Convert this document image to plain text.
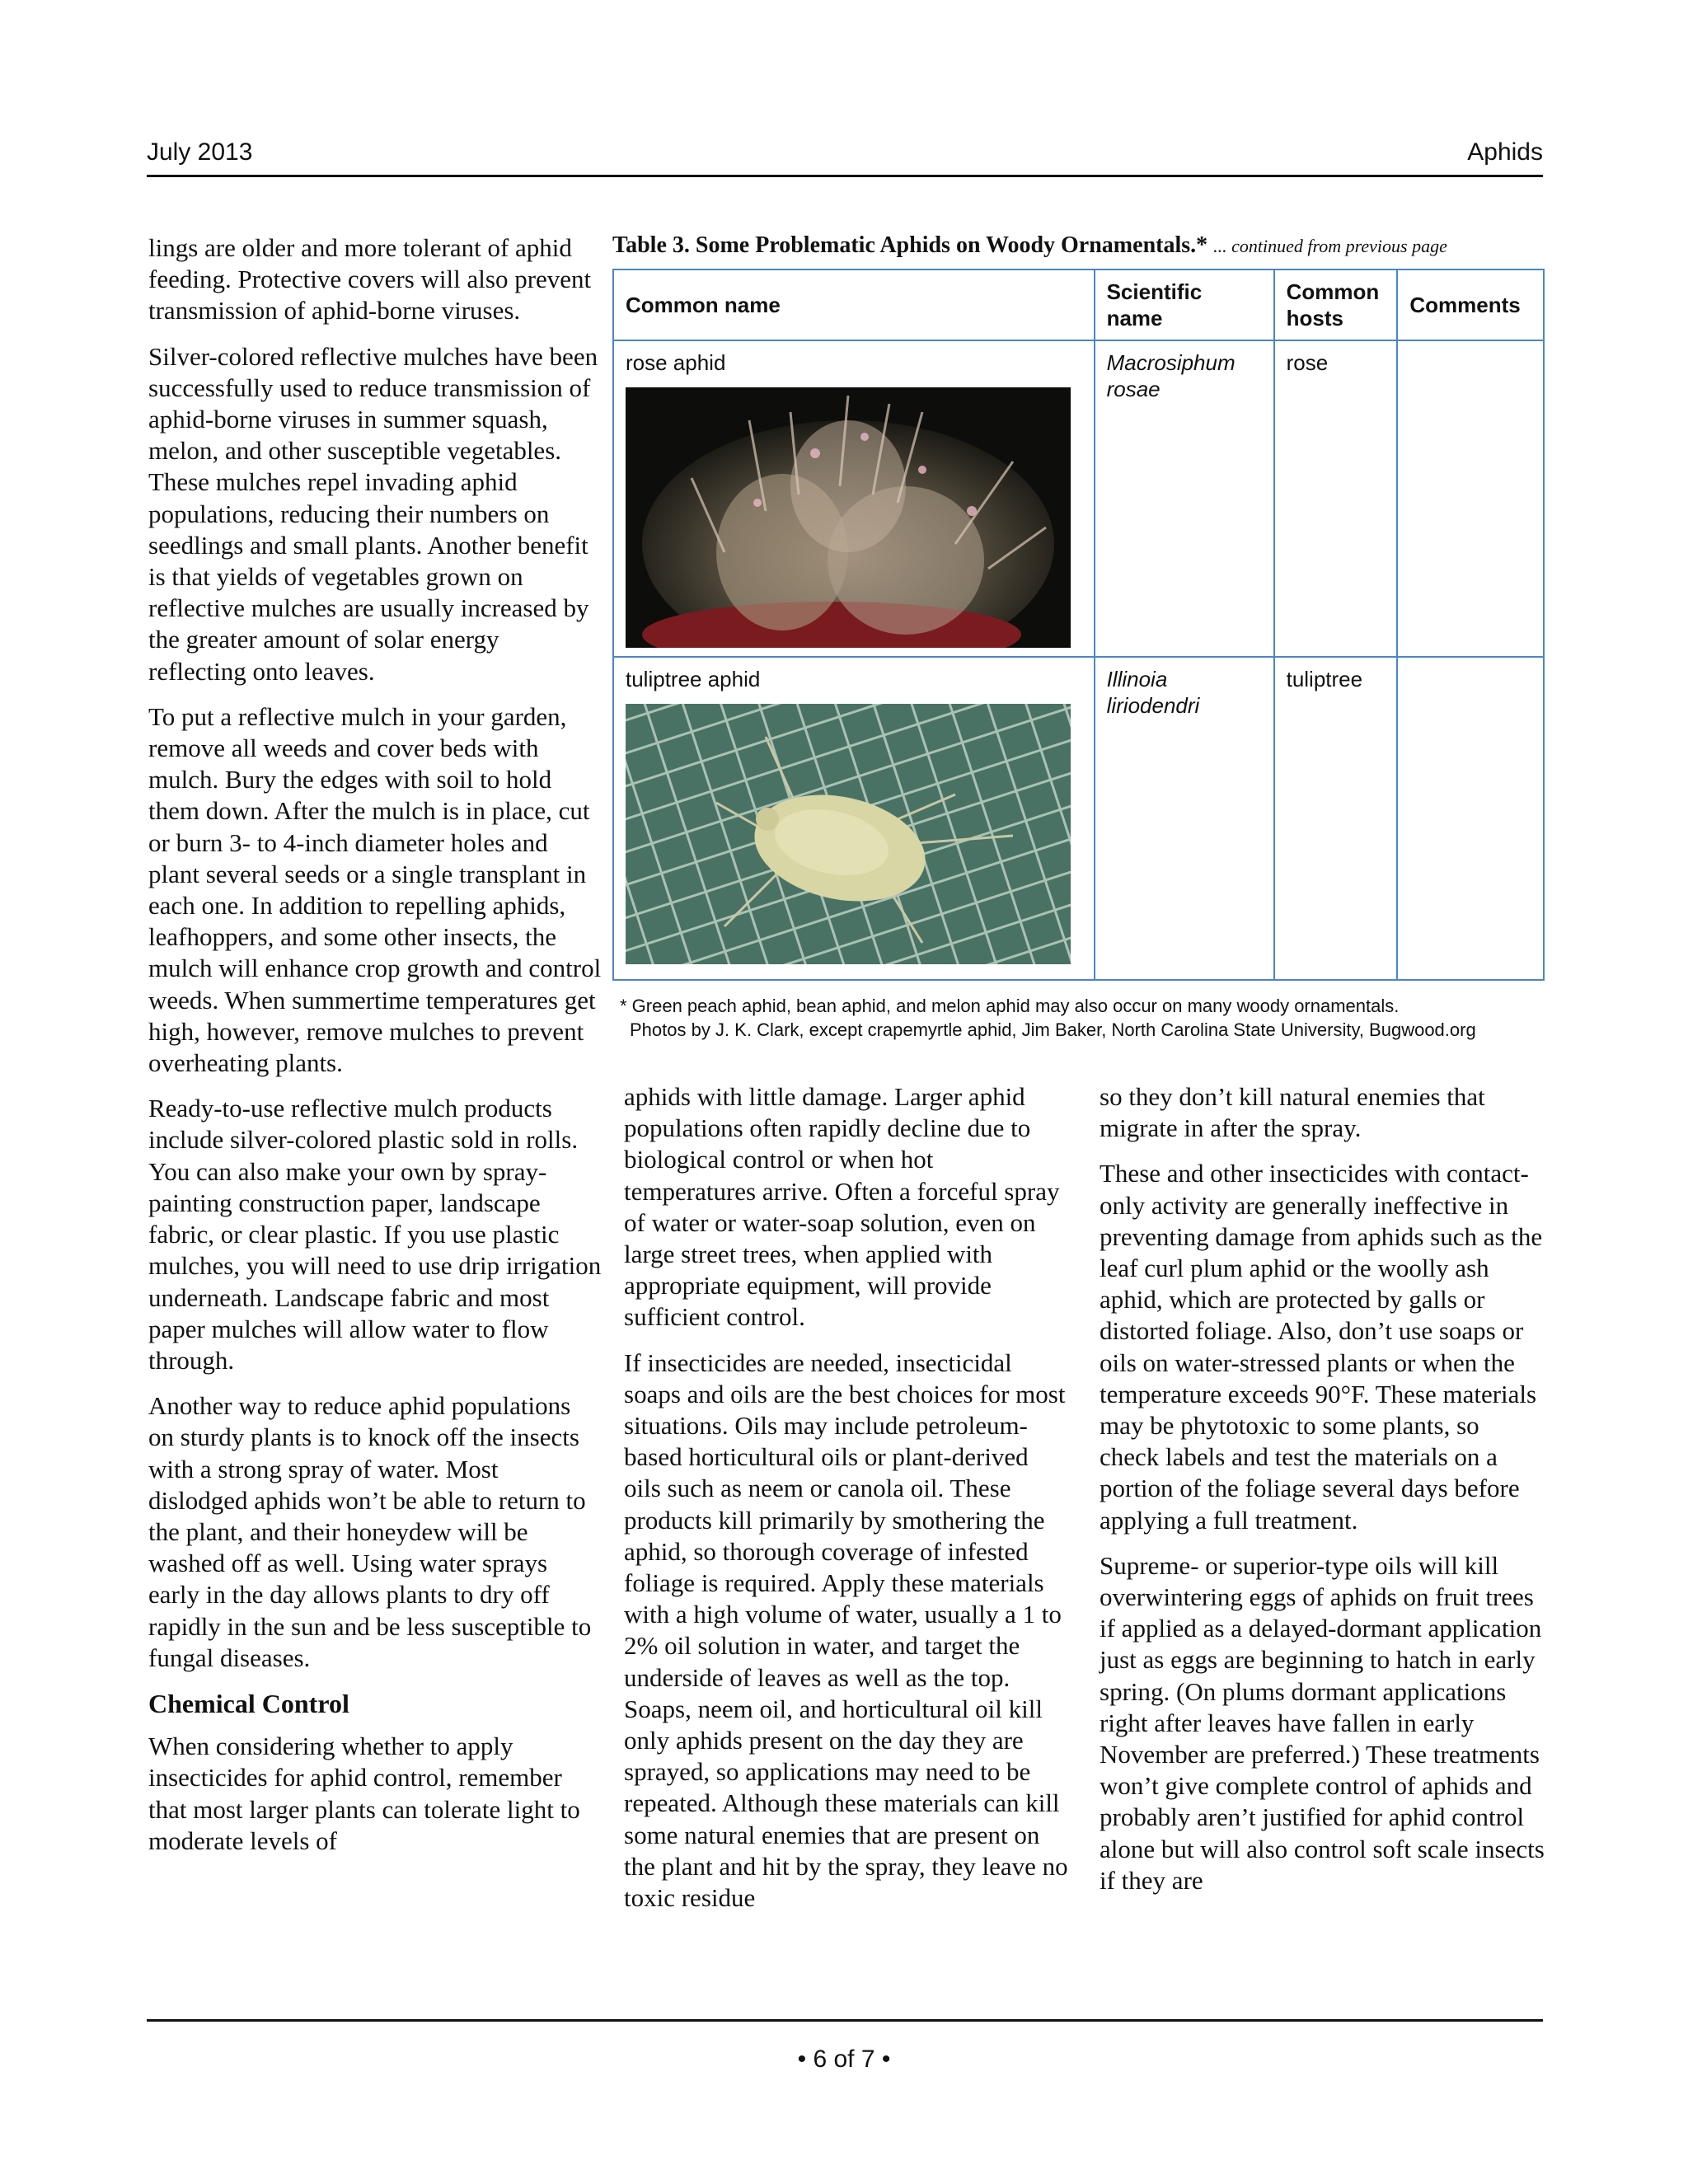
July 2013	Aphids

lings are older and more tolerant of aphid feeding. Protective covers will also prevent transmission of aphid-borne viruses.

Silver-colored reflective mulches have been successfully used to reduce transmission of aphid-borne viruses in summer squash, melon, and other susceptible vegetables. These mulches repel invading aphid populations, reducing their numbers on seedlings and small plants. Another benefit is that yields of vegetables grown on reflective mulches are usually increased by the greater amount of solar energy reflecting onto leaves.

To put a reflective mulch in your garden, remove all weeds and cover beds with mulch. Bury the edges with soil to hold them down. After the mulch is in place, cut or burn 3- to 4-inch diameter holes and plant several seeds or a single transplant in each one. In addition to repelling aphids, leafhoppers, and some other insects, the mulch will enhance crop growth and control weeds. When summertime temperatures get high, however, remove mulches to prevent overheating plants.

Ready-to-use reflective mulch products include silver-colored plastic sold in rolls. You can also make your own by spray-painting construction paper, landscape fabric, or clear plastic. If you use plastic mulches, you will need to use drip irrigation underneath. Landscape fabric and most paper mulches will allow water to flow through.

Another way to reduce aphid populations on sturdy plants is to knock off the insects with a strong spray of water. Most dislodged aphids won’t be able to return to the plant, and their honeydew will be washed off as well. Using water sprays early in the day allows plants to dry off rapidly in the sun and be less susceptible to fungal diseases.

Chemical Control

When considering whether to apply insecticides for aphid control, remember that most larger plants can tolerate light to moderate levels of

Table 3. Some Problematic Aphids on Woody Ornamentals.* ... continued from previous page
Common name	Scientific name	Common hosts	Comments

rose aphid	Macrosiphum rosae	rose	

tuliptree aphid	Illinoia liriodendri	tuliptree	
* Green peach aphid, bean aphid, and melon aphid may also occur on many woody ornamentals.
Photos by J. K. Clark, except crapemyrtle aphid, Jim Baker, North Carolina State University, Bugwood.org

aphids with little damage. Larger aphid populations often rapidly decline due to biological control or when hot temperatures arrive. Often a forceful spray of water or water-soap solution, even on large street trees, when applied with appropriate equipment, will provide sufficient control.

If insecticides are needed, insecticidal soaps and oils are the best choices for most situations. Oils may include petroleum-based horticultural oils or plant-derived oils such as neem or canola oil. These products kill primarily by smothering the aphid, so thorough coverage of infested foliage is required. Apply these materials with a high volume of water, usually a 1 to 2% oil solution in water, and target the underside of leaves as well as the top. Soaps, neem oil, and horticultural oil kill only aphids present on the day they are sprayed, so applications may need to be repeated. Although these materials can kill some natural enemies that are present on the plant and hit by the spray, they leave no toxic residue

so they don’t kill natural enemies that migrate in after the spray.

These and other insecticides with contact-only activity are generally ineffective in preventing damage from aphids such as the leaf curl plum aphid or the woolly ash aphid, which are protected by galls or distorted foliage. Also, don’t use soaps or oils on water-stressed plants or when the temperature exceeds 90°F. These materials may be phytotoxic to some plants, so check labels and test the materials on a portion of the foliage several days before applying a full treatment.

Supreme- or superior-type oils will kill overwintering eggs of aphids on fruit trees if applied as a delayed-dormant application just as eggs are beginning to hatch in early spring. (On plums dormant applications right after leaves have fallen in early November are preferred.) These treatments won’t give complete control of aphids and probably aren’t justified for aphid control alone but will also control soft scale insects if they are

• 6 of 7 •
